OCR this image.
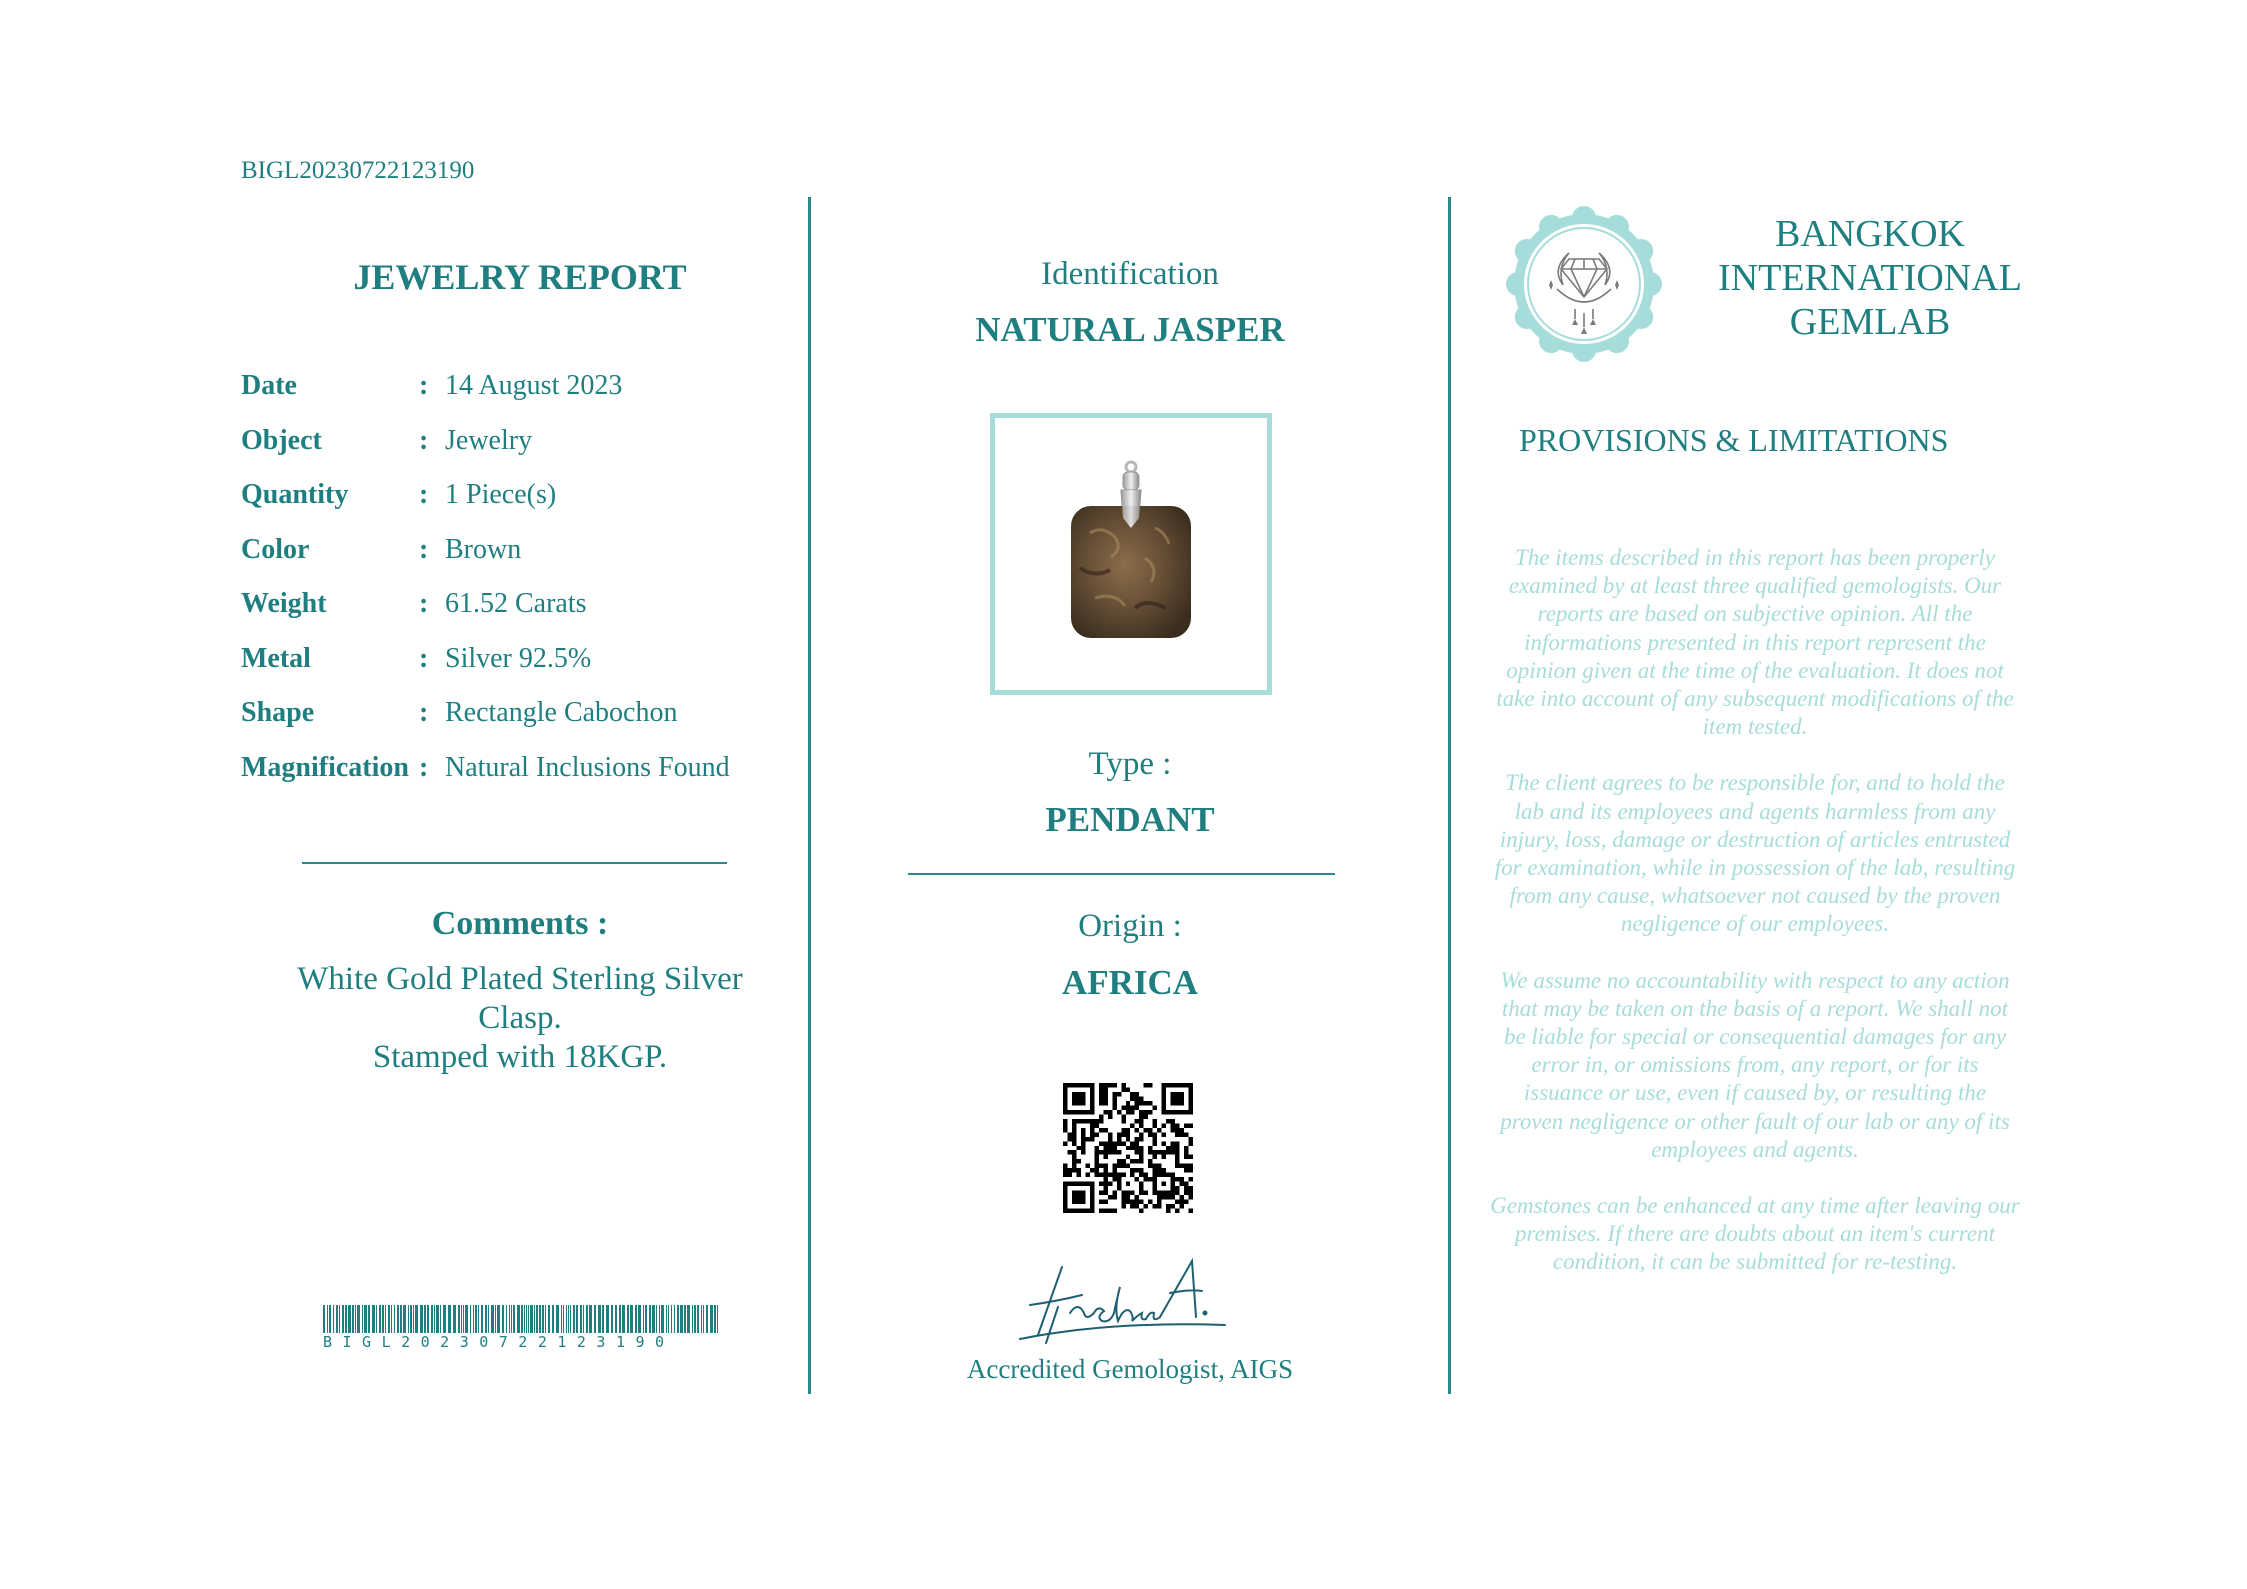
BIGL20230722123190
JEWELRY REPORT
Date	: 14 August 2023
Object	: Jewelry
Quantity	: 1 Piece(s)
Color	: Brown
Weight	: 61.52 Carats
Metal	: Silver 92.5%
Shape	: Rectangle Cabochon
Magnification : Natural Inclusions Found
Comments :
White Gold Plated Sterling Silver
Clasp.
Stamped with 18KGP.
BIGL20230722123190
Identification
NATURAL JASPER
Type :
PENDANT
Origin :
AFRICA
Accredited Gemologist, AIGS
BANGKOK
INTERNATIONAL
GEMLAB
PROVISIONS & LIMITATIONS

The items described in this report has been properly examined by at least three qualified gemologists. Our reports are based on subjective opinion. All the informations presented in this report represent the opinion given at the time of the evaluation. It does not take into account of any subsequent modifications of the item tested.

The client agrees to be responsible for, and to hold the lab and its employees and agents harmless from any injury, loss, damage or destruction of articles entrusted for examination, while in possession of the lab, resulting from any cause, whatsoever not caused by the proven negligence of our employees.

We assume no accountability with respect to any action that may be taken on the basis of a report. We shall not be liable for special or consequential damages for any error in, or omissions from, any report, or for its issuance or use, even if caused by, or resulting the proven negligence or other fault of our lab or any of its employees and agents.

Gemstones can be enhanced at any time after leaving our premises. If there are doubts about an item's current condition, it can be submitted for re-testing.
